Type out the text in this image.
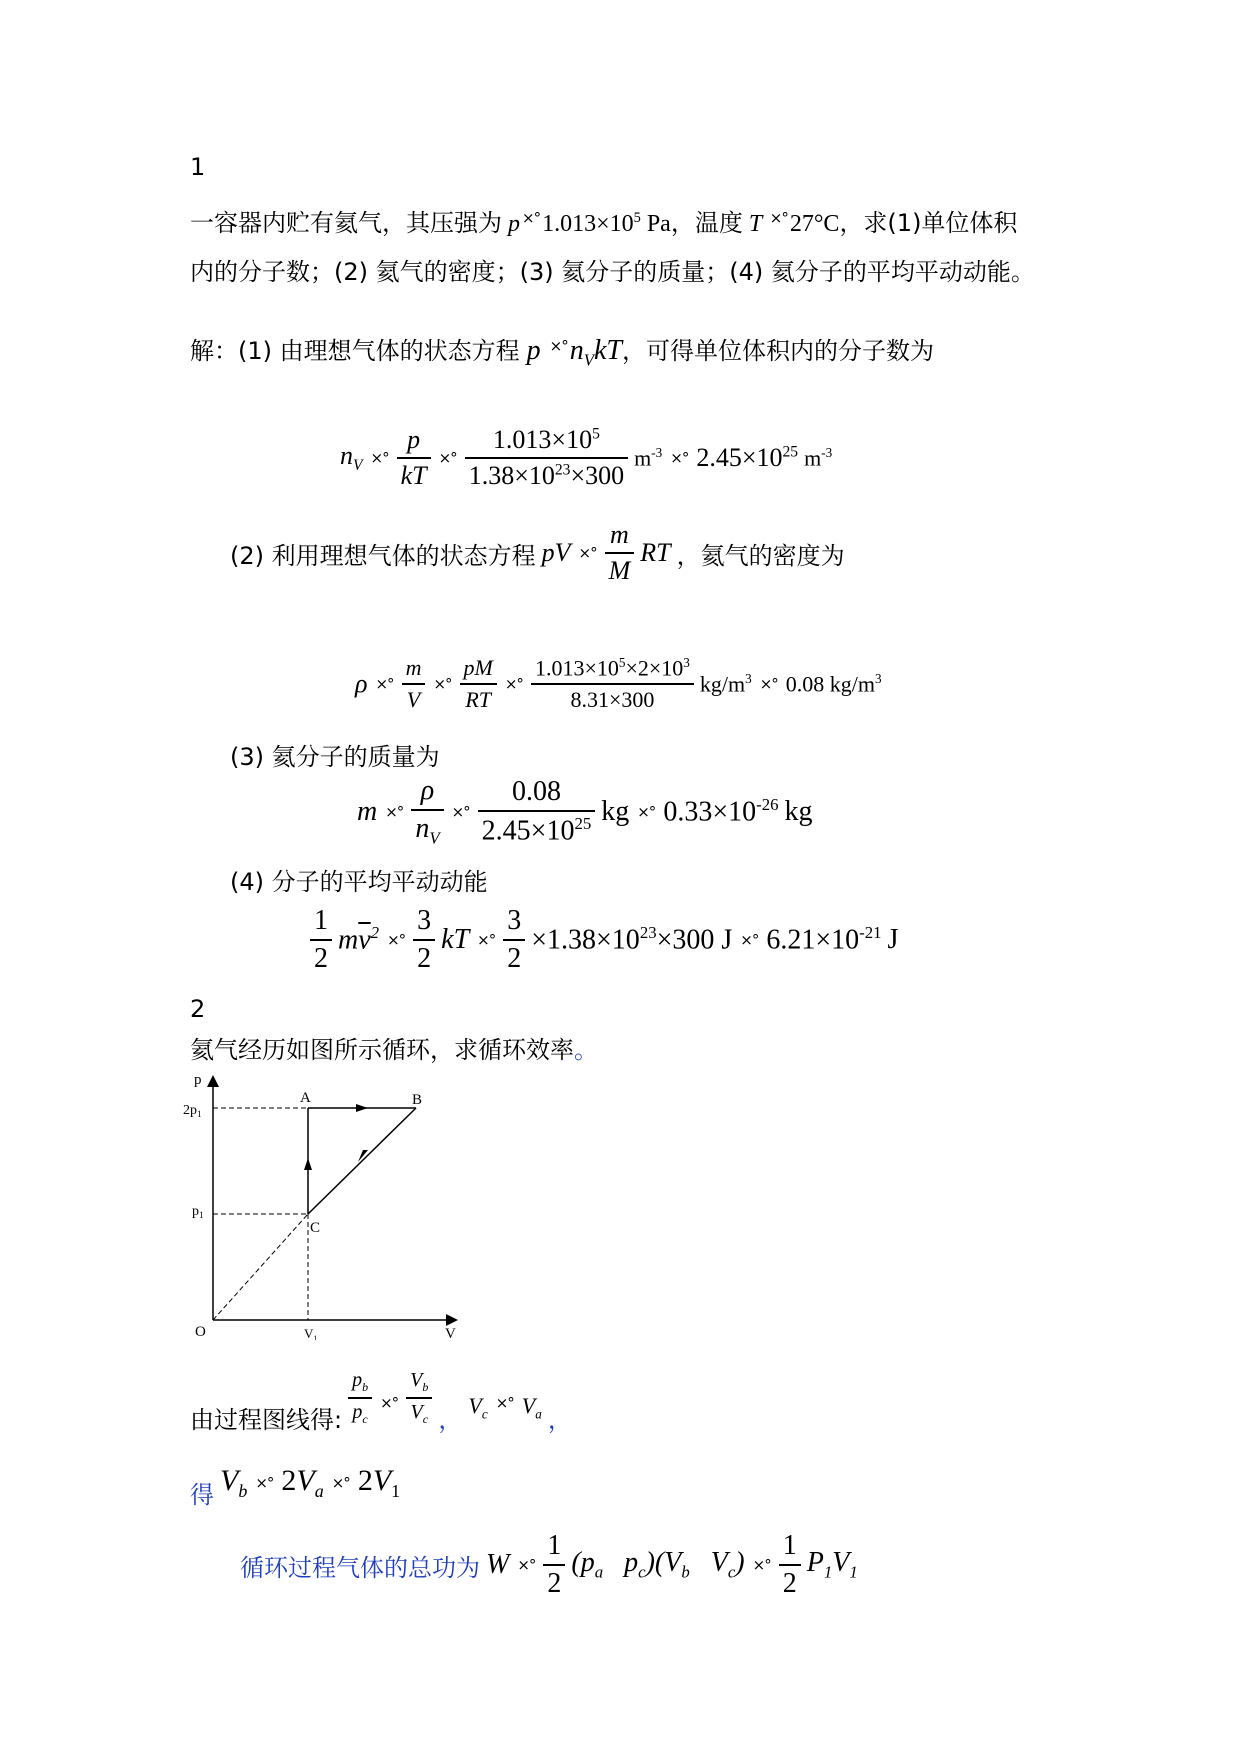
1
一容器内贮有氦气，其压强为 p $^{\times^\circ}1.013\times 10^5$ Pa，温度 T ×°27°C，求(1)单位体积
内的分子数；(2) 氦气的密度；(3) 氦分子的质量；(4) 氦分子的平均平动动能。
解：(1) 由理想气体的状态方程 p $^{\times^\circ}n_VkT$，可得单位体积内的分子数为
$n_V$ ×° $\frac{p}{kT}$ ×° $\frac{1.013\times 10^5}{1.38\times 10^{23}\times 300} m^{-3}$ ×° $2.45\times 10^{25}$ $m^{-3}$
(2) 利用理想气体的状态方程 pV ×° $\frac{m}{M}$ RT ，氦气的密度为
ρ ×° $\frac{m}{V}$ ×° $\frac{pM}{RT}$ ×° $\frac{1.013\times 10^5\times 2\times 10^3}{8.31\times 300} kg/m^3$ ×° 0.08 $kg/m^3$
(3) 氦分子的质量为
m ×° $\frac{\rho}{n_V}$ ×° $\frac{0.08}{2.45\times 10^{25}}$ kg ×° $0.33\times 10^{-26}$ kg
(4) 分子的平均平动动能
$\frac{1}{2} m\overline{v}^2$ ×° $\frac{3}{2}$ kT ×° $\frac{3}{2} \times 1.38\times 10^{23}\times 300$ J ×° $6.21\times 10^{-21}$ J
2
氦气经历如图所示循环，求循环效率。
p
V
O
$2p_1$
$p_1$
$V_1$
A	B
C
由过程图线得: $\frac{p_b}{p_c}$ ×° $\frac{V_b}{V_c}$ ，
$V_c$
×° $V_a$ ，
得 $V_b$ ×° $2V_a$ ×° $2V_1$
循环过程气体的总功为 W ×° $\frac{1}{2} (p_a$   $p_c)(V_b$   $V_c$) ×° $\frac{1}{2} P_1V_1$
